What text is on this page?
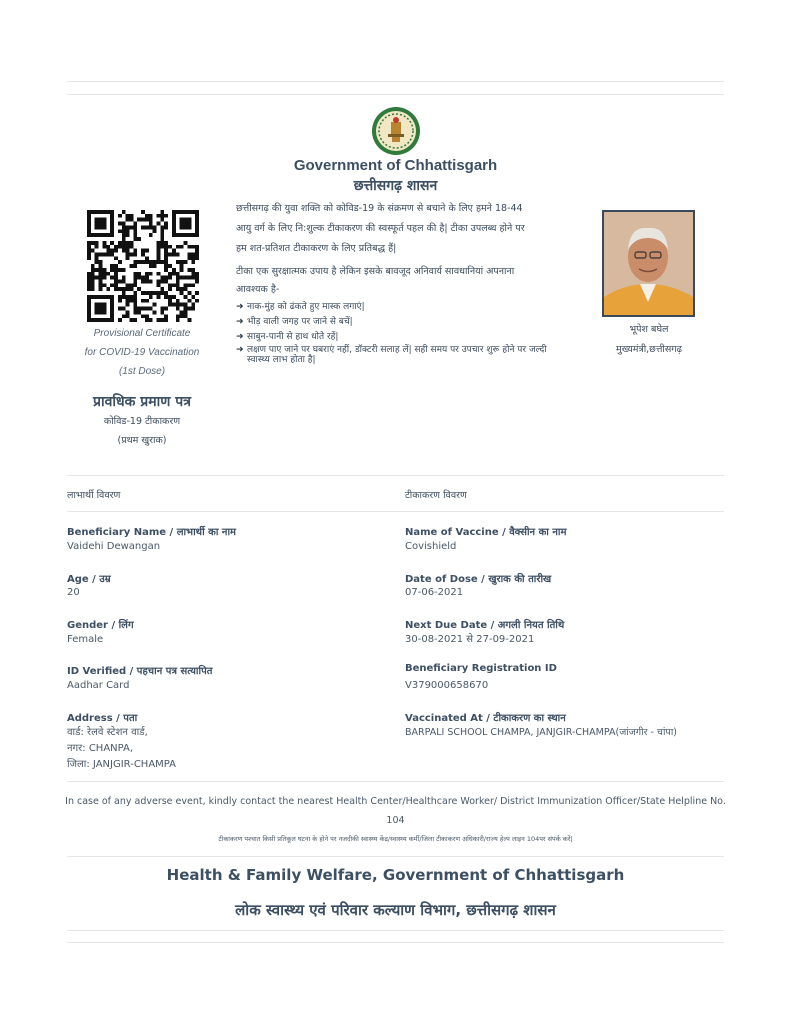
Government of Chhattisgarh
छत्तीसगढ़ शासन
Provisional Certificate
for COVID-19 Vaccination
(1st Dose)
प्रावधिक प्रमाण पत्र
कोविड-19 टीकाकरण
(प्रथम खुराक)
छत्तीसगढ़ की युवा शक्ति को कोविड-19 के संक्रमण से बचाने के लिए हमने 18-44
आयु वर्ग के लिए नि:शुल्क टीकाकरण की स्वस्फूर्त पहल की है| टीका उपलब्ध होने पर
हम शत-प्रतिशत टीकाकरण के लिए प्रतिबद्ध हैं|
टीका एक सुरक्षात्मक उपाय है लेकिन इसके बावजूद अनिवार्य सावधानियां अपनाना
आवश्यक है-
➜ नाक-मुंह को ढंकते हुए मास्क लगाएं|
➜ भीड़ वाली जगह पर जाने से बचें|
➜ साबुन-पानी से हाथ धोते रहें|
➜ लक्षण पाए जाने पर घबराएं नहीं, डॉक्टरी सलाह लें| सही समय पर उपचार शुरू होने पर जल्दी स्वास्थ्य लाभ होता है|
भूपेश बघेल
मुख्यमंत्री,छत्तीसगढ़
लाभार्थी विवरण	टीकाकरण विवरण
Beneficiary Name / लाभार्थी का नाम
Vaidehi Dewangan
Age / उम्र
20
Gender / लिंग
Female
ID Verified / पहचान पत्र सत्यापित
Aadhar Card
Address / पता
वार्ड: रेलवे स्टेशन वार्ड,
नगर: CHANPA,
जिला: JANJGIR-CHAMPA
Name of Vaccine / वैक्सीन का नाम
Covishield
Date of Dose / खुराक की तारीख
07-06-2021
Next Due Date / अगली नियत तिथि
30-08-2021 से 27-09-2021
Beneficiary Registration ID
V379000658670
Vaccinated At / टीकाकरण का स्थान
BARPALI SCHOOL CHAMPA, JANJGIR-CHAMPA(जांजगीर - चांपा)
In case of any adverse event, kindly contact the nearest Health Center/Healthcare Worker/ District Immunization Officer/State Helpline No.
104
टीकाकरण पश्चात किसी प्रतिकूल घटना के होने पर नजदीकी स्वास्थ्य केंद्र/स्वास्थ्य कर्मी/जिला टीकाकरण अधिकारी/राज्य हेल्प लाइन 104पर संपर्क करें|
Health & Family Welfare, Government of Chhattisgarh
लोक स्वास्थ्य एवं परिवार कल्याण विभाग, छत्तीसगढ़ शासन
